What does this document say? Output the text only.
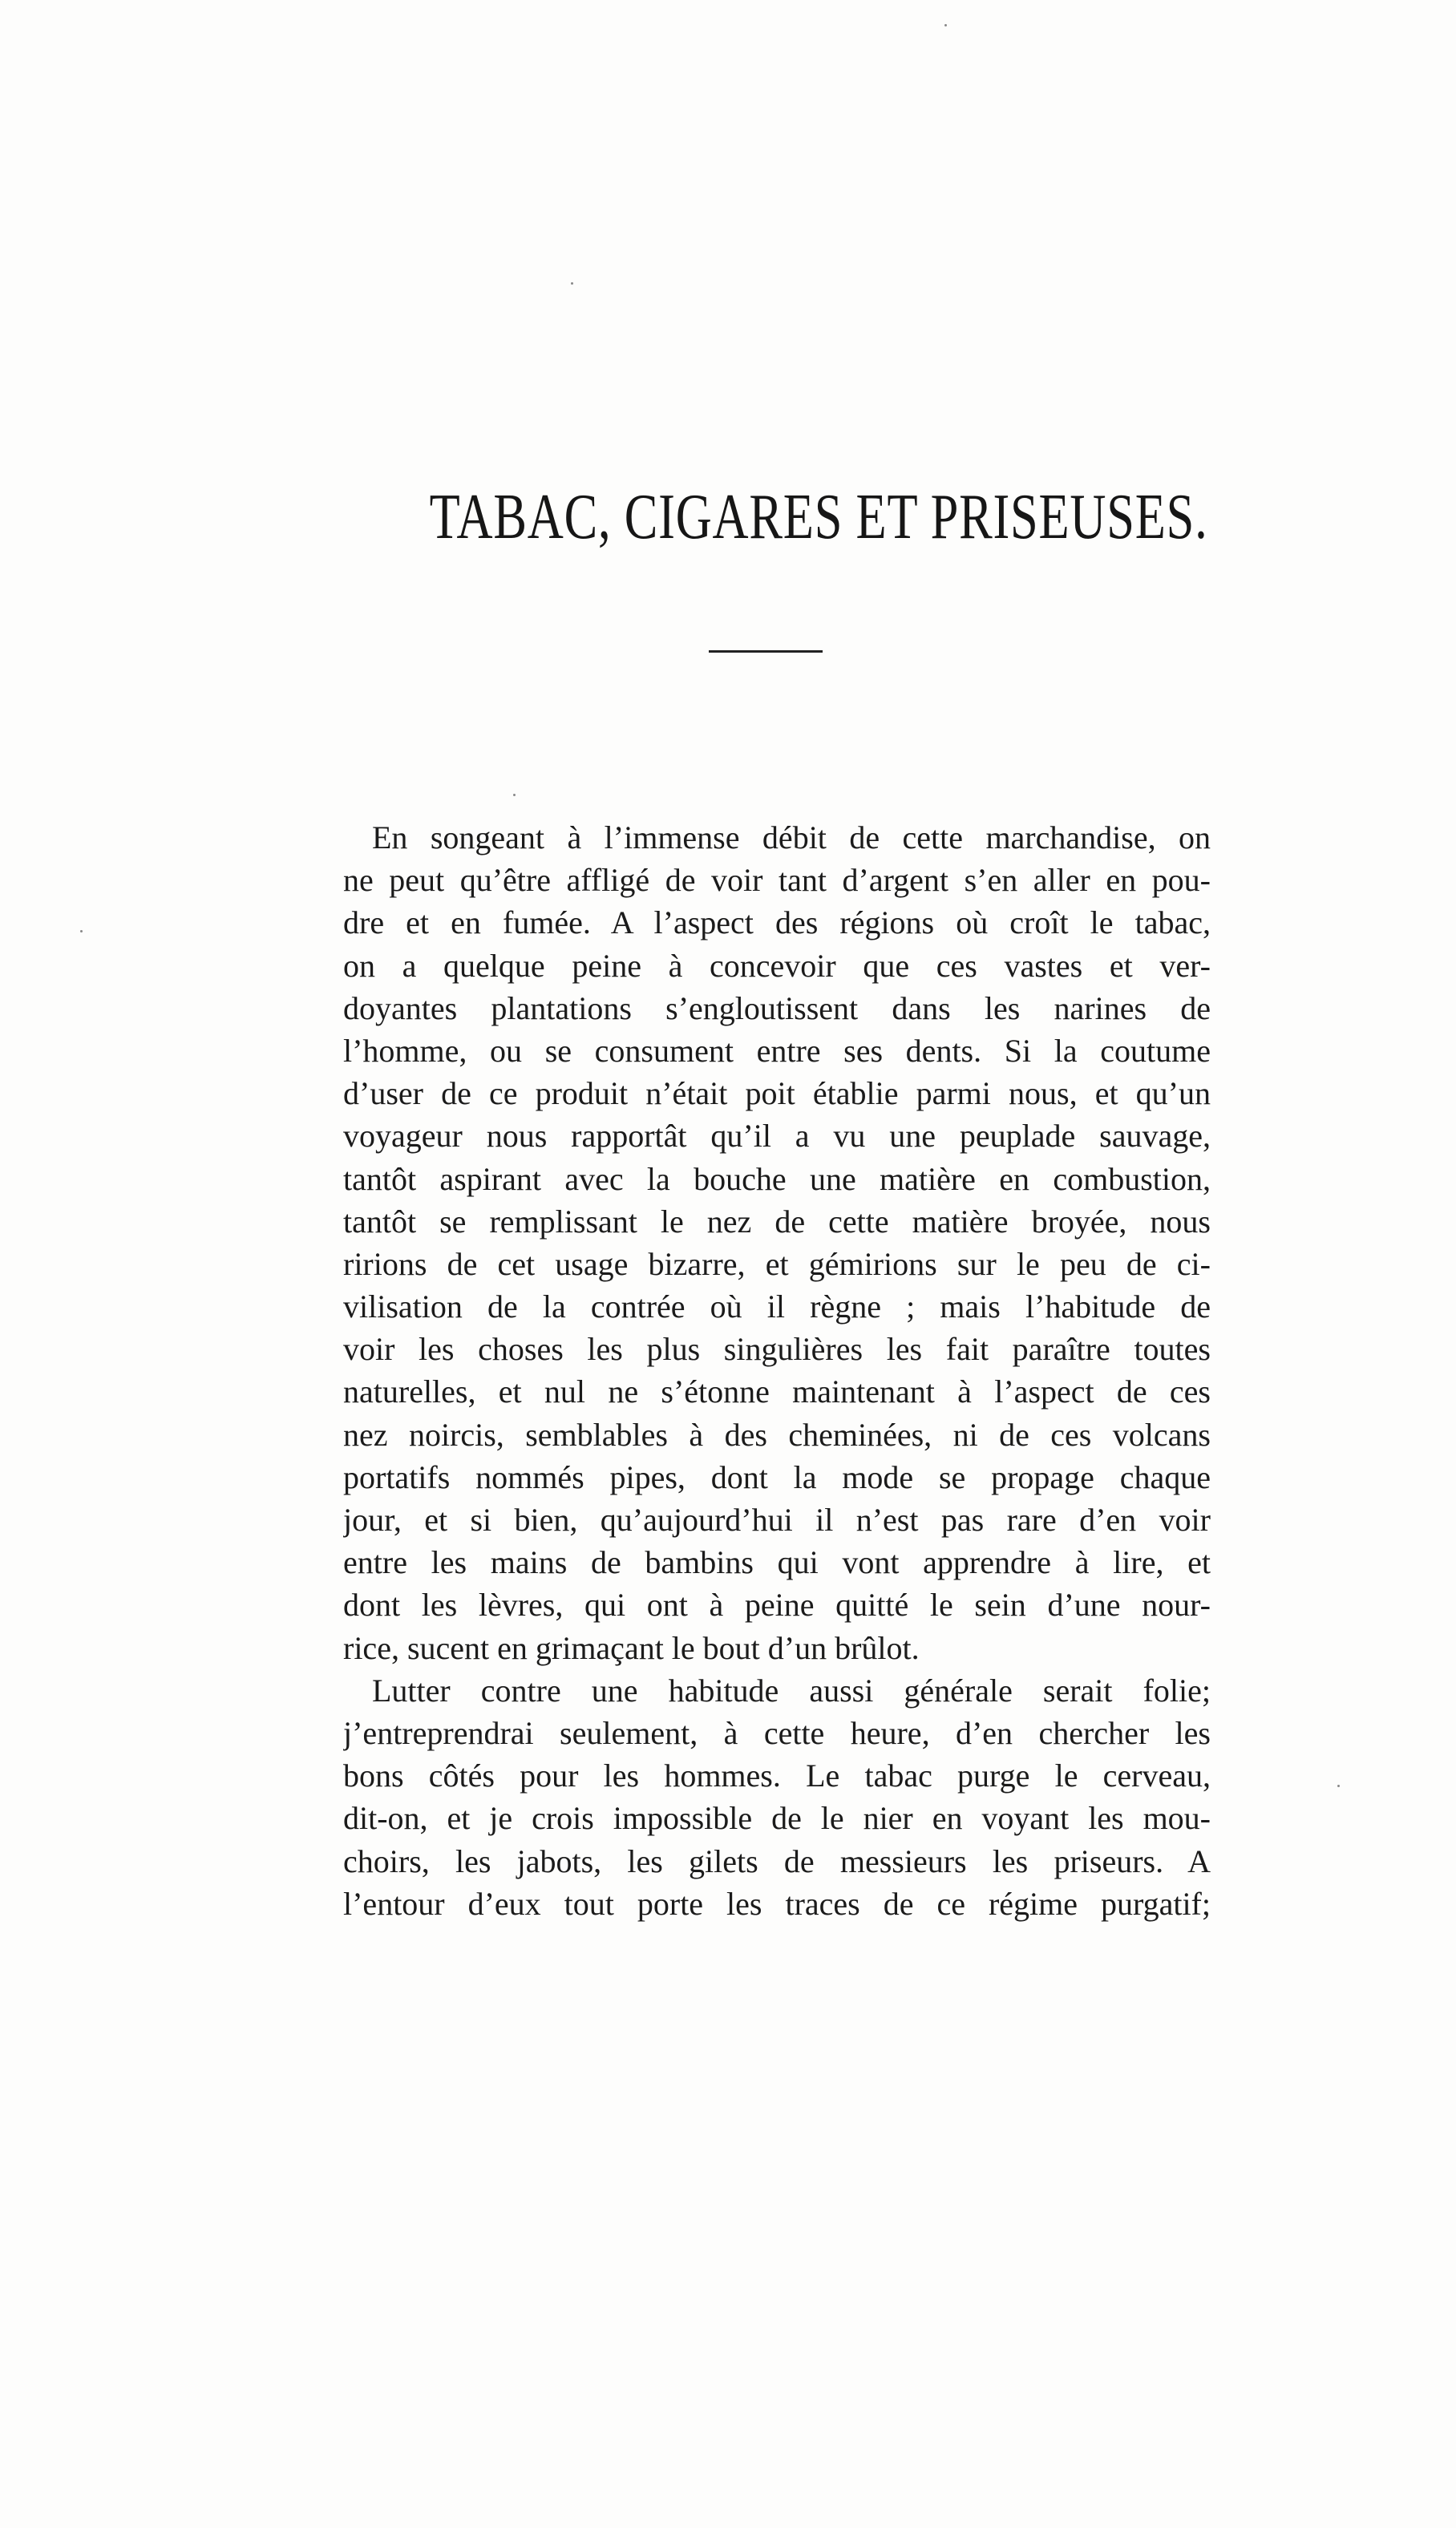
TABAC, CIGARES ET PRISEUSES.
En songeant à l’immense débit de cette marchandise, on
ne peut qu’être affligé de voir tant d’argent s’en aller en pou-
dre et en fumée. A l’aspect des régions où croît le tabac,
on a quelque peine à concevoir que ces vastes et ver-
doyantes plantations s’engloutissent dans les narines de
l’homme, ou se consument entre ses dents. Si la coutume
d’user de ce produit n’était poit établie parmi nous, et qu’un
voyageur nous rapportât qu’il a vu une peuplade sauvage,
tantôt aspirant avec la bouche une matière en combustion,
tantôt se remplissant le nez de cette matière broyée, nous
ririons de cet usage bizarre, et gémirions sur le peu de ci-
vilisation de la contrée où il règne ; mais l’habitude de
voir les choses les plus singulières les fait paraître toutes
naturelles, et nul ne s’étonne maintenant à l’aspect de ces
nez noircis, semblables à des cheminées, ni de ces volcans
portatifs nommés pipes, dont la mode se propage chaque
jour, et si bien, qu’aujourd’hui il n’est pas rare d’en voir
entre les mains de bambins qui vont apprendre à lire, et
dont les lèvres, qui ont à peine quitté le sein d’une nour-
rice, sucent en grimaçant le bout d’un brûlot.
Lutter contre une habitude aussi générale serait folie;
j’entreprendrai seulement, à cette heure, d’en chercher les
bons côtés pour les hommes. Le tabac purge le cerveau,
dit-on, et je crois impossible de le nier en voyant les mou-
choirs, les jabots, les gilets de messieurs les priseurs. A
l’entour d’eux tout porte les traces de ce régime purgatif;
